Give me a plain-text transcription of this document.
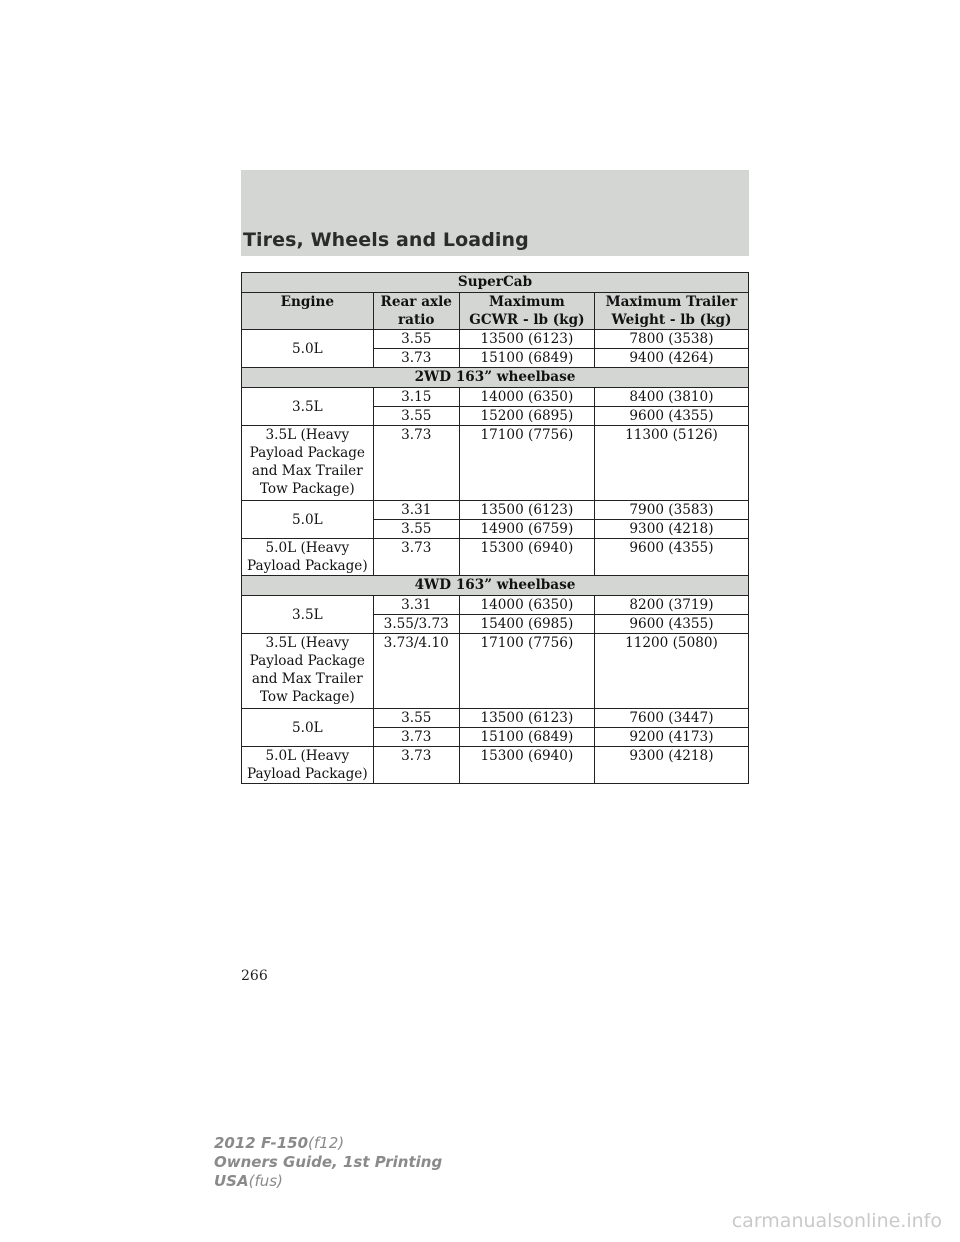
Tires, Wheels and Loading
SuperCab			
Engine	Rear axle ratio	Maximum GCWR - lb (kg)	Maximum Trailer Weight - lb (kg)
5.0L	3.55	13500 (6123)	7800 (3538)
	3.73	15100 (6849)	9400 (4264)
2WD 163” wheelbase			
3.5L	3.15	14000 (6350)	8400 (3810)
	3.55	15200 (6895)	9600 (4355)
3.5L (Heavy Payload Package and Max Trailer Tow Package)	3.73	17100 (7756)	11300 (5126)
5.0L	3.31	13500 (6123)	7900 (3583)
	3.55	14900 (6759)	9300 (4218)
5.0L (Heavy Payload Package)	3.73	15300 (6940)	9600 (4355)
4WD 163” wheelbase			
3.5L	3.31	14000 (6350)	8200 (3719)
	3.55/3.73	15400 (6985)	9600 (4355)
3.5L (Heavy Payload Package and Max Trailer Tow Package)	3.73/4.10	17100 (7756)	11200 (5080)
5.0L	3.55	13500 (6123)	7600 (3447)
	3.73	15100 (6849)	9200 (4173)
5.0L (Heavy Payload Package)	3.73	15300 (6940)	9300 (4218)
266
2012 F-150(f12)
Owners Guide, 1st Printing
USA(fus)
carmanualsonline.info
